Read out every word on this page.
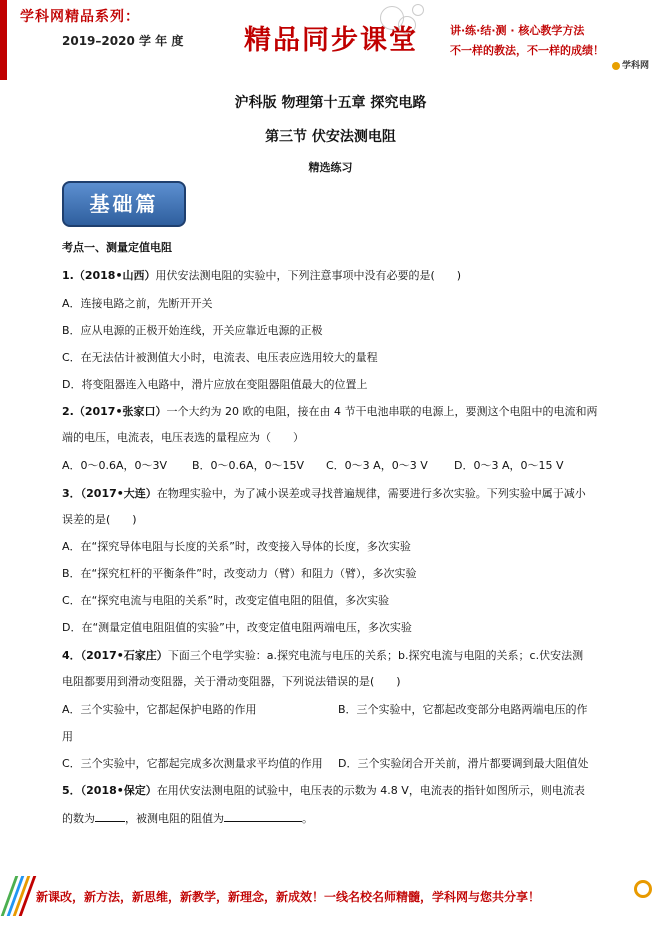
学科网精品系列：
2019–2020 学 年 度 精品同步课堂	讲·练·结·测 · 核心教学方法
不一样的教法，不一样的成绩！
学科网
沪科版 物理第十五章 探究电路
第三节 伏安法测电阻
精选练习
基础篇
考点一、测量定值电阻
1.（2018•山西）用伏安法测电阻的实验中，下列注意事项中没有必要的是(　　)
A．连接电路之前，先断开开关
B．应从电源的正极开始连线，开关应靠近电源的正极
C．在无法估计被测值大小时，电流表、电压表应选用较大的量程
D．将变阻器连入电路中，滑片应放在变阻器阻值最大的位置上
2.（2017•张家口）一个大约为 20 欧的电阻，接在由 4 节干电池串联的电源上，要测这个电阻中的电流和两
端的电压，电流表，电压表选的量程应为（　　）
A．0～0.6A，0～3V B．0～0.6A，0～15V C．0～3 A，0～3 V D．0～3 A，0～15 V
3．（2017•大连）在物理实验中，为了减小误差或寻找普遍规律，需要进行多次实验。下列实验中属于减小
误差的是(　　)
A．在“探究导体电阻与长度的关系”时，改变接入导体的长度，多次实验
B．在“探究杠杆的平衡条件”时，改变动力（臂）和阻力（臂），多次实验
C．在“探究电流与电阻的关系”时，改变定值电阻的阻值，多次实验
D．在“测量定值电阻阻值的实验”中，改变定值电阻两端电压，多次实验
4．（2017•石家庄）下面三个电学实验：a.探究电流与电压的关系；b.探究电流与电阻的关系；c.伏安法测
电阻都要用到滑动变阻器，关于滑动变阻器，下列说法错误的是(　　)
A．三个实验中，它都起保护电路的作用	B．三个实验中，它都起改变部分电路两端电压的作
用
C．三个实验中，它都起完成多次测量求平均值的作用 D．三个实验闭合开关前，滑片都要调到最大阻值处
5．（2018•保定）在用伏安法测电阻的试验中，电压表的示数为 4.8 V，电流表的指针如图所示，则电流表
的数为	，被测电阻的阻值为	。
新课改，新方法，新思维，新教学，新理念，新成效！一线名校名师精髓，学科网与您共分享！
